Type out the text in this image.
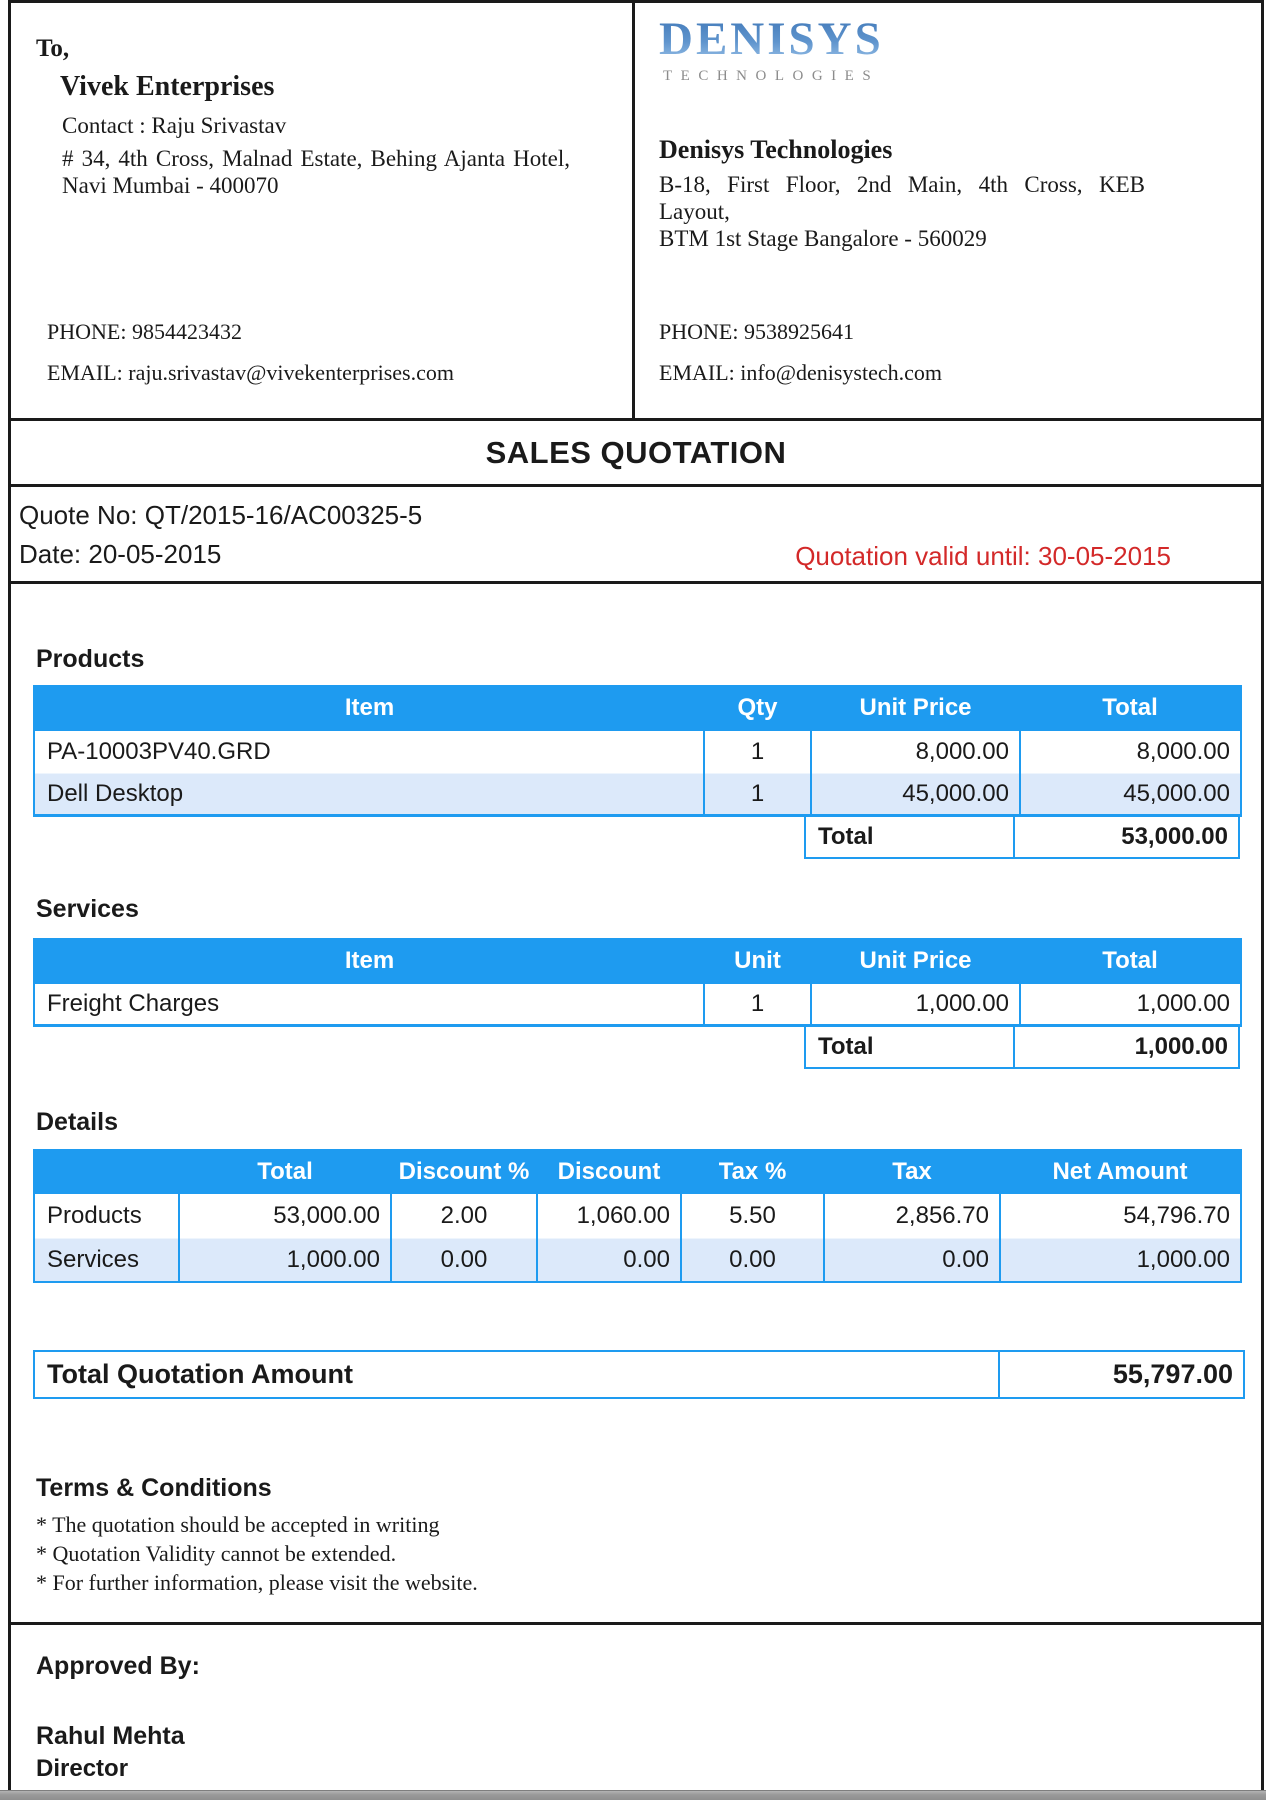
To,
Vivek Enterprises
Contact : Raju Srivastav
# 34, 4th Cross, Malnad Estate, Behing Ajanta Hotel,
Navi Mumbai - 400070
PHONE: 9854423432
EMAIL: raju.srivastav@vivekenterprises.com
DENISYS
TECHNOLOGIES
Denisys Technologies
B-18, First Floor, 2nd Main, 4th Cross, KEB Layout,
BTM 1st Stage Bangalore - 560029
PHONE: 9538925641
EMAIL: info@denisystech.com
SALES QUOTATION
Quote No: QT/2015-16/AC00325-5
Date: 20-05-2015	Quotation valid until: 30-05-2015
Products
Item	Qty	Unit Price	Total
PA-10003PV40.GRD	1	8,000.00	8,000.00
Dell Desktop	1	45,000.00	45,000.00
Total	53,000.00
Services
Item	Unit	Unit Price	Total
Freight Charges	1	1,000.00	1,000.00
Total	1,000.00
Details
	Total	Discount %	Discount	Tax %	Tax	Net Amount
Products	53,000.00	2.00	1,060.00	5.50	2,856.70	54,796.70
Services	1,000.00	0.00	0.00	0.00	0.00	1,000.00
Total Quotation Amount	55,797.00
Terms & Conditions
* The quotation should be accepted in writing
* Quotation Validity cannot be extended.
* For further information, please visit the website.
Approved By:
Rahul Mehta
Director
